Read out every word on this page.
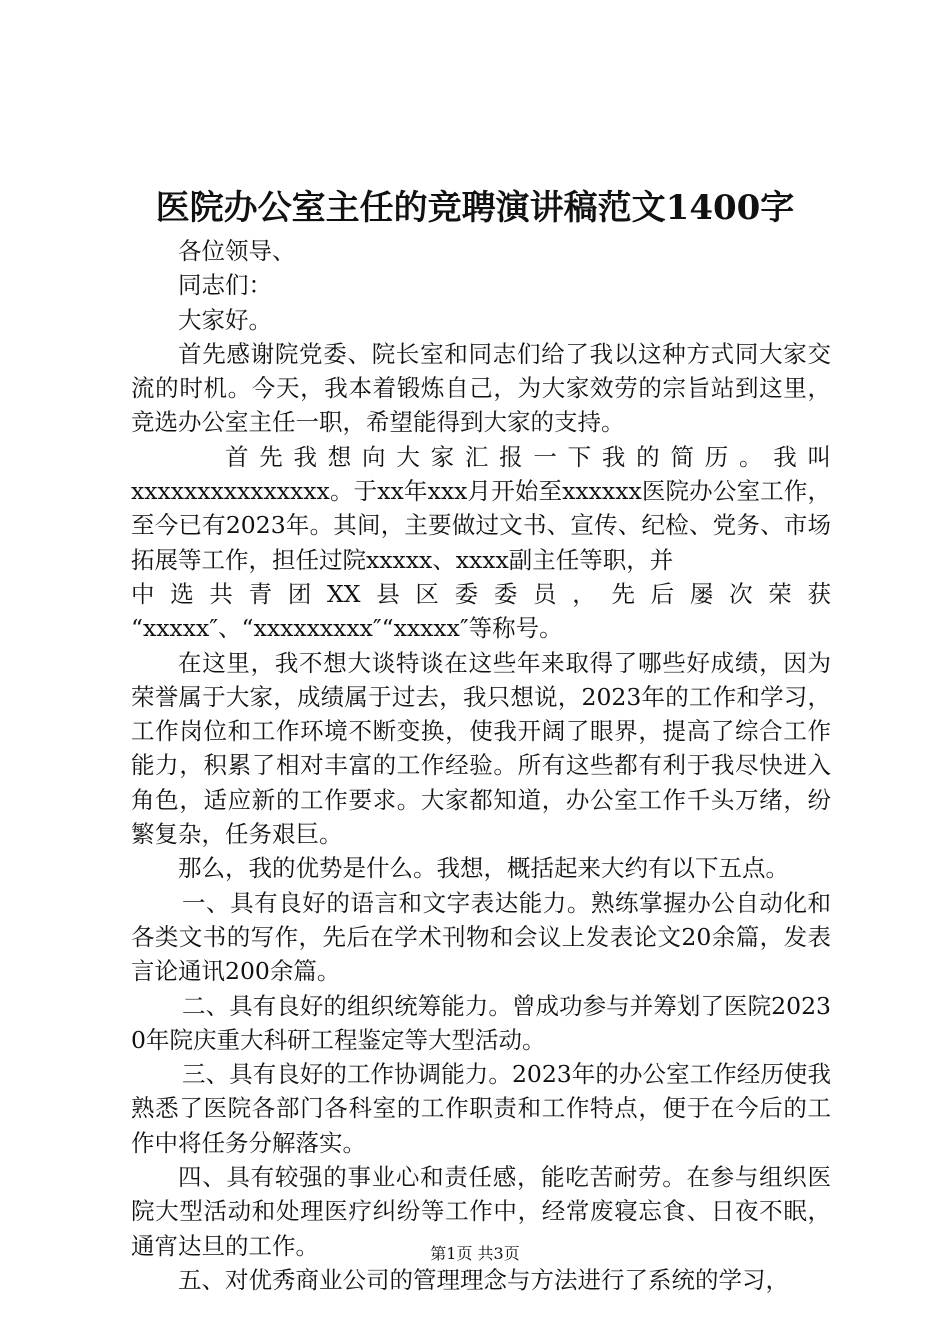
医院办公室主任的竞聘演讲稿范文1400字

各位领导、

同志们：

大家好。

首先感谢院党委、院长室和同志们给了我以这种方式同大家交流的时机。今天，我本着锻炼自己，为大家效劳的宗旨站到这里，竞选办公室主任一职，希望能得到大家的支持。

首先我想向大家汇报一下我的简历。我叫

xxxxxxxxxxxxxxx。于xx年xxx月开始至xxxxxx医院办公室工作，至今已有2023年。其间，主要做过文书、宣传、纪检、党务、市场拓展等工作，担任过院xxxxx、xxxx副主任等职，并

中选共青团XX县区委委员，先后屡次荣获

“xxxxx″、“xxxxxxxxx″“xxxxx″等称号。

在这里，我不想大谈特谈在这些年来取得了哪些好成绩，因为荣誉属于大家，成绩属于过去，我只想说，2023年的工作和学习，工作岗位和工作环境不断变换，使我开阔了眼界，提高了综合工作能力，积累了相对丰富的工作经验。所有这些都有利于我尽快进入角色，适应新的工作要求。大家都知道，办公室工作千头万绪，纷繁复杂，任务艰巨。

那么，我的优势是什么。我想，概括起来大约有以下五点。

一、具有良好的语言和文字表达能力。熟练掌握办公自动化和各类文书的写作，先后在学术刊物和会议上发表论文20余篇，发表言论通讯200余篇。

二、具有良好的组织统筹能力。曾成功参与并筹划了医院20230年院庆重大科研工程鉴定等大型活动。

三、具有良好的工作协调能力。2023年的办公室工作经历使我熟悉了医院各部门各科室的工作职责和工作特点，便于在今后的工作中将任务分解落实。

四、具有较强的事业心和责任感，能吃苦耐劳。在参与组织医院大型活动和处理医疗纠纷等工作中，经常废寝忘食、日夜不眠，通宵达旦的工作。

五、对优秀商业公司的管理理念与方法进行了系统的学习，

第1页 共3页
